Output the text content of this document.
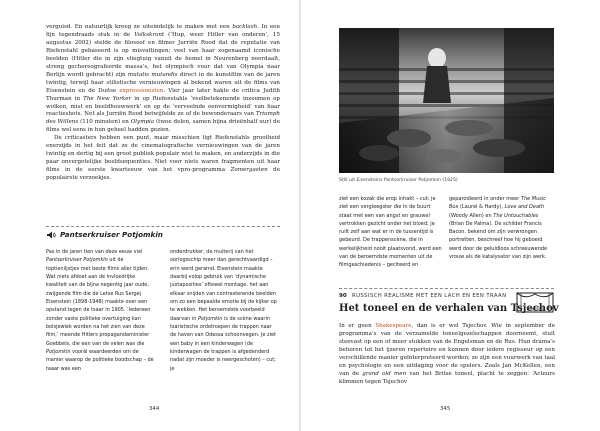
verguisd. En natuurlijk kreeg ze uiteindelijk te maken met een backlash. In een fijn tegendraads stuk in de Volkskrant (‘Hup, weer Hitler van onderen’, 15 augustus 2002) stelde de filosoof en filmer Jurriën Rood dat de reputatie van Riefenstahl gebaseerd is op misvattingen; veel van haar zogenaamd iconische beelden (Hitler die in zijn vliegtuig vanuit de hemel in Neurenberg neerdaalt, streng gechoreografeerde massa’s, het olympisch vuur dat van Olympia naar Berlijn wordt gebracht) zijn mutatis mutandis direct in de kunstfilm van de jaren twintig, terwijl haar stilistische vernieuwingen al bekend waren uit de films van Eisenstein en de Duitse expressionisten. Vier jaar later hakte de critica Judith Thurman in The New Yorker in op Riefenstahls ‘veelbetekenende inzoomen op wolken, mist en beeldhouwwerk’ en op de ‘verveelnde eenvormigheid’ van haar reactieshots. Net als Jurriën Rood betwijfelde ze of de bewonderaars van Triumph des Willens (110 minuten) en Olympia (twee delen, samen bijna drieënhalf uur) de films wel eens in hun geheel hadden gezien.

De criticasters hebben een punt, maar misschien ligt Riefenstahls grootheid enerzijds in het feit dat ze de cinematografische vernieuwingen van de jaren twintig en dertig bij een groot publiek populair wist te maken, en anderzijds in die paar onvergetelijke beeldsequenties. Niet voor niets waren fragmenten uit haar films in de eerste kwarteeuw van het vpro-programma Zomergasten de populairste verzoekjes.

Pantserkruiser Potjomkin

Pas in de jaren tien van deze eeuw viel Pantserkruiser Potjomkin uit de toptienlijstjes met beste films aller tijden. Wat niets afdoet aan de invloedrijke kwaliteit van de bijna negentig jaar oude, zwijgende film die de Letse Rus Sergej Eisenstein (1898-1948) maakte over een opstand tegen de tsaar in 1905. ‘Iedereen zonder vaste politieke overtuiging kan bolsjewiek worden na het zien van deze film,’ meende Hitlers propagandaminister Goebbels, die een van de velen was die Potjomkin voorál waardeerden om de manier waarop de politieke boodschap – de taaar was een

onderdrukker, de muiterij van het oorlogsschip meer dan gerechtvaardigd – erin werd geramd. Eisenstein maakte daarbij volop gebruik van ‘dynamische juxtaposities’ oftewel montage: het aan elkaar snijden van contrasterende beelden om zo een bepaalde emotie bij de kijker op te wekken. Het beroemdste voorbeeld daarvan in Potjomkin is de scène waarin tsaristische ordetroepen de trappen naar de haven van Odessa schoonvegen. Je ziet een baby in een kinderwagen (de kinderwagen de trappen is afgedenderd nadat zijn moeder is neergeschoten) – cut; je

344
Still uit Eisensteins Pantserkruiser Potjomkin (1925)

ziet een kozak die erop inhakt – cut; je ziet een vergleegster die in de buurt staat met een van angst en grauwel vertrokken gezicht onder het bloed; je ruilt zelf aan wat er in de tussentijd is gebeurd. De trappenscène, die in werkelijkheid nooit plaatsvond, werd een van de beroemdste momenten uit de filmgeschiedenis – geciteerd en

geparodieerd in onder meer The Music Box (Laurel & Hardy), Love and Death (Woody Allen) en The Untouchables (Brian De Palma). De schilder Francis Bacon, bekend om zijn verwrongen portretten, beschreef hoe hij geboeid werd door de geluidloos schreeuwende vrouw als de katalysator van zijn werk.

90 RUSSISCH REALISME MET EEN LACH EN EEN TRAAN
Het toneel en de verhalen van Tsjechov

In er geen Shakespeare, dan is er wel Tsjechov. Wie in september de programma’s van de verzamelde toneelgezelschappen doorneemt, stuit steevast op een of meer stukken van de Engelsman en de Rus. Hun drama’s behoren tot het ijzeren repertoire en kunnen door iedere regisseur op een verschillende manier geïnterpreteerd worden; ze zijn een vuurwerk van taal en psychologie en een uitdaging voor de spelers. Zoals Jan McKellen, een van de grand old men van het Britse toneel, placht te zeggen: ‘Acteurs klimmen tegen Tsjechov

345
